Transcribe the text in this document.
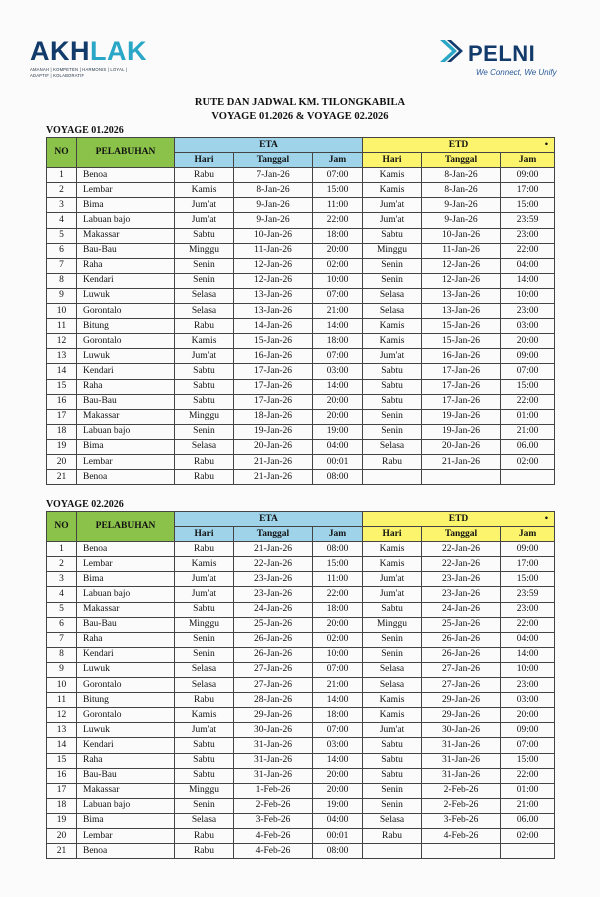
AKHLAK
AMANAH | KOMPETEN | HARMONIS | LOYAL | ADAPTIF | KOLABORATIF
PELNI
We Connect, We Unify
RUTE DAN JADWAL KM. TILONGKABILA
VOYAGE 01.2026 & VOYAGE 02.2026
VOYAGE 01.2026
NO	PELABUHAN	ETA			ETD •		

		Hari	Tanggal	Jam	Hari	Tanggal	Jam
1	Benoa	Rabu	7-Jan-26	07:00	Kamis	8-Jan-26	09:00
2	Lembar	Kamis	8-Jan-26	15:00	Kamis	8-Jan-26	17:00
3	Bima	Jum'at	9-Jan-26	11:00	Jum'at	9-Jan-26	15:00
4	Labuan bajo	Jum'at	9-Jan-26	22:00	Jum'at	9-Jan-26	23:59
5	Makassar	Sabtu	10-Jan-26	18:00	Sabtu	10-Jan-26	23:00
6	Bau-Bau	Minggu	11-Jan-26	20:00	Minggu	11-Jan-26	22:00
7	Raha	Senin	12-Jan-26	02:00	Senin	12-Jan-26	04:00
8	Kendari	Senin	12-Jan-26	10:00	Senin	12-Jan-26	14:00
9	Luwuk	Selasa	13-Jan-26	07:00	Selasa	13-Jan-26	10:00
10	Gorontalo	Selasa	13-Jan-26	21:00	Selasa	13-Jan-26	23:00
11	Bitung	Rabu	14-Jan-26	14:00	Kamis	15-Jan-26	03:00
12	Gorontalo	Kamis	15-Jan-26	18:00	Kamis	15-Jan-26	20:00
13	Luwuk	Jum'at	16-Jan-26	07:00	Jum'at	16-Jan-26	09:00
14	Kendari	Sabtu	17-Jan-26	03:00	Sabtu	17-Jan-26	07:00
15	Raha	Sabtu	17-Jan-26	14:00	Sabtu	17-Jan-26	15:00
16	Bau-Bau	Sabtu	17-Jan-26	20:00	Sabtu	17-Jan-26	22:00
17	Makassar	Minggu	18-Jan-26	20:00	Senin	19-Jan-26	01:00
18	Labuan bajo	Senin	19-Jan-26	19:00	Senin	19-Jan-26	21:00
19	Bima	Selasa	20-Jan-26	04:00	Selasa	20-Jan-26	06.00
20	Lembar	Rabu	21-Jan-26	00:01	Rabu	21-Jan-26	02:00
21	Benoa	Rabu	21-Jan-26	08:00			
VOYAGE 02.2026
NO	PELABUHAN	ETA			ETD •		

		Hari	Tanggal	Jam	Hari	Tanggal	Jam
1	Benoa	Rabu	21-Jan-26	08:00	Kamis	22-Jan-26	09:00
2	Lembar	Kamis	22-Jan-26	15:00	Kamis	22-Jan-26	17:00
3	Bima	Jum'at	23-Jan-26	11:00	Jum'at	23-Jan-26	15:00
4	Labuan bajo	Jum'at	23-Jan-26	22:00	Jum'at	23-Jan-26	23:59
5	Makassar	Sabtu	24-Jan-26	18:00	Sabtu	24-Jan-26	23:00
6	Bau-Bau	Minggu	25-Jan-26	20:00	Minggu	25-Jan-26	22:00
7	Raha	Senin	26-Jan-26	02:00	Senin	26-Jan-26	04:00
8	Kendari	Senin	26-Jan-26	10:00	Senin	26-Jan-26	14:00
9	Luwuk	Selasa	27-Jan-26	07:00	Selasa	27-Jan-26	10:00
10	Gorontalo	Selasa	27-Jan-26	21:00	Selasa	27-Jan-26	23:00
11	Bitung	Rabu	28-Jan-26	14:00	Kamis	29-Jan-26	03:00
12	Gorontalo	Kamis	29-Jan-26	18:00	Kamis	29-Jan-26	20:00
13	Luwuk	Jum'at	30-Jan-26	07:00	Jum'at	30-Jan-26	09:00
14	Kendari	Sabtu	31-Jan-26	03:00	Sabtu	31-Jan-26	07:00
15	Raha	Sabtu	31-Jan-26	14:00	Sabtu	31-Jan-26	15:00
16	Bau-Bau	Sabtu	31-Jan-26	20:00	Sabtu	31-Jan-26	22:00
17	Makassar	Minggu	1-Feb-26	20:00	Senin	2-Feb-26	01:00
18	Labuan bajo	Senin	2-Feb-26	19:00	Senin	2-Feb-26	21:00
19	Bima	Selasa	3-Feb-26	04:00	Selasa	3-Feb-26	06.00
20	Lembar	Rabu	4-Feb-26	00:01	Rabu	4-Feb-26	02:00
21	Benoa	Rabu	4-Feb-26	08:00			
